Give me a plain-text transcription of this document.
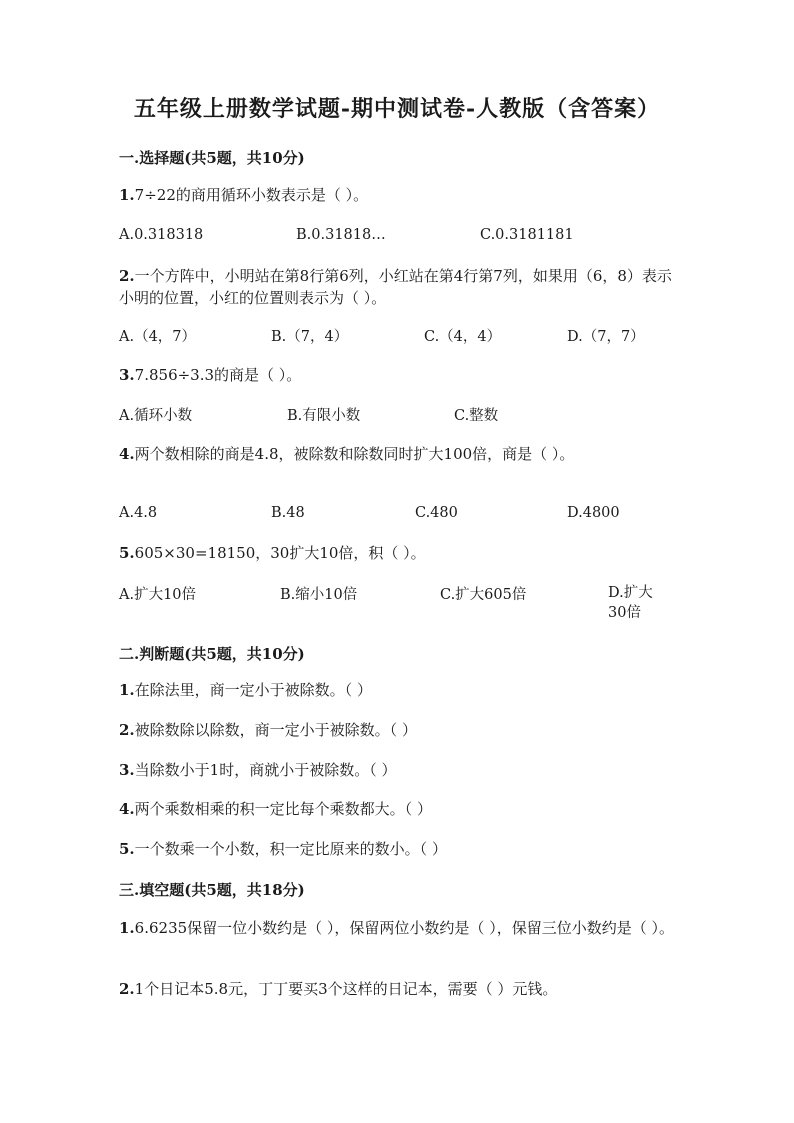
五年级上册数学试题-期中测试卷-人教版（含答案）
一.选择题(共5题，共10分)
1.7÷22的商用循环小数表示是（ ）。
A.0.318318	B.0.31818…	C.0.3181181
2.一个方阵中，小明站在第8行第6列，小红站在第4行第7列，如果用（6，8）表示小明的位置，小红的位置则表示为（ ）。
A.（4，7）	B.（7，4）	C.（4，4）	D.（7，7）
3.7.856÷3.3的商是（ ）。
A.循环小数	B.有限小数	C.整数
4.两个数相除的商是4.8，被除数和除数同时扩大100倍，商是（ ）。
A.4.8	B.48	C.480	D.4800
5.605×30=18150，30扩大10倍，积（ ）。
A.扩大10倍	B.缩小10倍	C.扩大605倍	D.扩大30倍
二.判断题(共5题，共10分)
1.在除法里，商一定小于被除数。（ ）
2.被除数除以除数，商一定小于被除数。（ ）
3.当除数小于1时，商就小于被除数。（ ）
4.两个乘数相乘的积一定比每个乘数都大。（ ）
5.一个数乘一个小数，积一定比原来的数小。（ ）
三.填空题(共5题，共18分)
1.6.6235保留一位小数约是（ ），保留两位小数约是（ ），保留三位小数约是（ ）。
2.1个日记本5.8元，丁丁要买3个这样的日记本，需要（ ）元钱。
